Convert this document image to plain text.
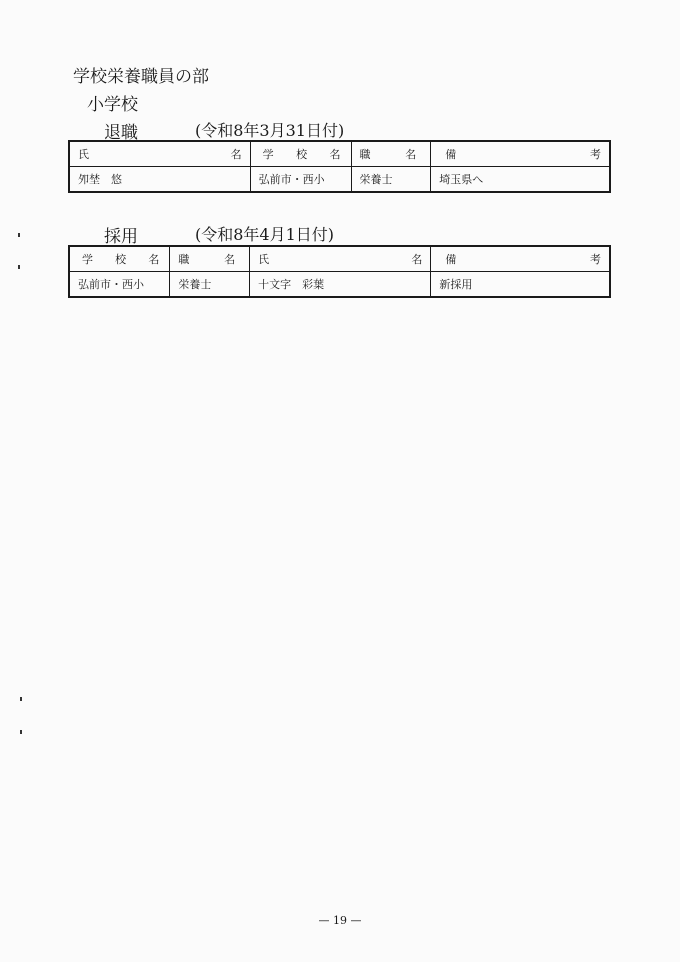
学校栄養職員の部
小学校
退職	(令和8年3月31日付)
氏 名	学 校 名	職 名	備 考

夘埜　悠	弘前市・西小	栄養士	埼玉県へ
採用	(令和8年4月1日付)
学 校 名	職 名	氏 名	備 考

弘前市・西小	栄養士	十文字　彩葉	新採用
— 19 —
